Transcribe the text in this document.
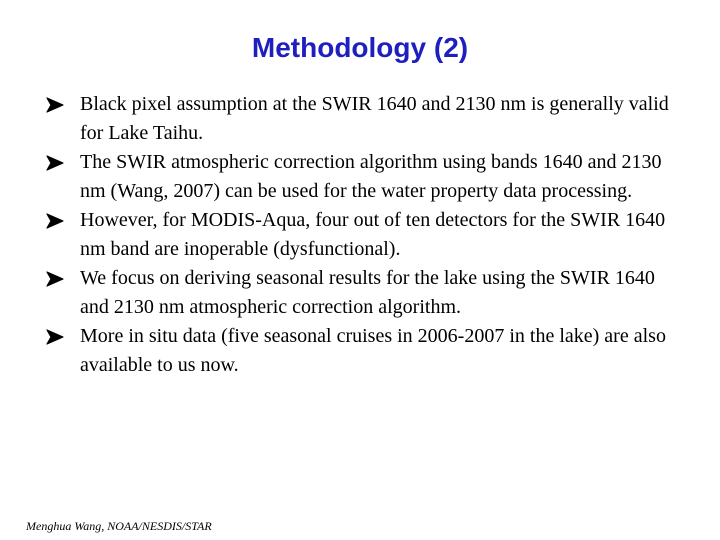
Methodology (2)
Black pixel assumption at the SWIR 1640 and 2130 nm is generally valid for Lake Taihu.
The SWIR atmospheric correction algorithm using bands 1640 and 2130 nm (Wang, 2007) can be used for the water property data processing.
However, for MODIS-Aqua, four out of ten detectors for the SWIR 1640 nm band are inoperable (dysfunctional).
We focus on deriving seasonal results for the lake using the SWIR 1640 and 2130 nm atmospheric correction algorithm.
More in situ data (five seasonal cruises in 2006-2007 in the lake) are also available to us now.
Menghua Wang, NOAA/NESDIS/STAR
